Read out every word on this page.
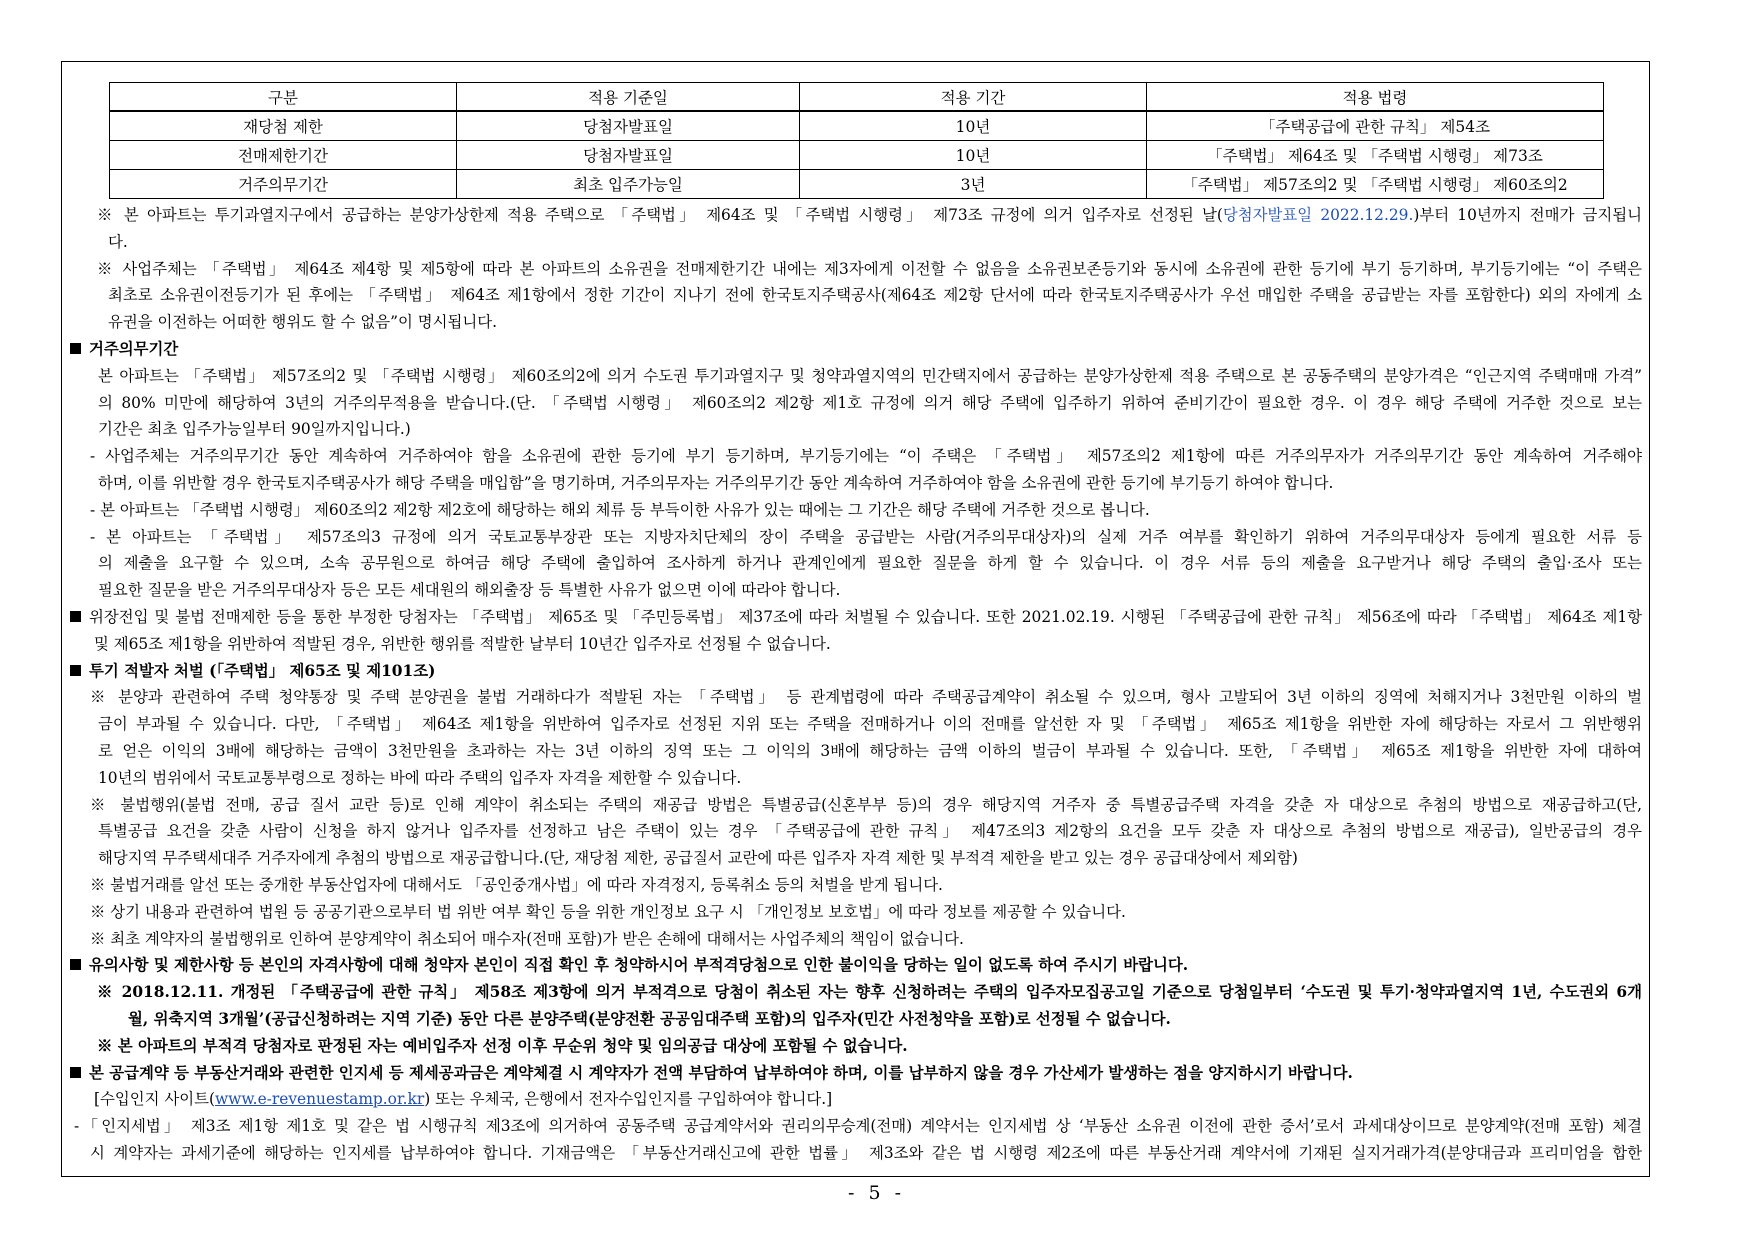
구분	적용 기준일	적용 기간	적용 법령
재당첨 제한	당첨자발표일	10년	「주택공급에 관한 규칙」 제54조
전매제한기간	당첨자발표일	10년	「주택법」 제64조 및 「주택법 시행령」 제73조
거주의무기간	최초 입주가능일	3년	「주택법」 제57조의2 및 「주택법 시행령」 제60조의2
※ 본 아파트는 투기과열지구에서 공급하는 분양가상한제 적용 주택으로 「주택법」 제64조 및 「주택법 시행령」 제73조 규정에 의거 입주자로 선정된 날(당첨자발표일 2022.12.29.)부터 10년까지 전매가 금지됩니
다.
※ 사업주체는 「주택법」 제64조 제4항 및 제5항에 따라 본 아파트의 소유권을 전매제한기간 내에는 제3자에게 이전할 수 없음을 소유권보존등기와 동시에 소유권에 관한 등기에 부기 등기하며, 부기등기에는 “이 주택은
최초로 소유권이전등기가 된 후에는 「주택법」 제64조 제1항에서 정한 기간이 지나기 전에 한국토지주택공사(제64조 제2항 단서에 따라 한국토지주택공사가 우선 매입한 주택을 공급받는 자를 포함한다) 외의 자에게 소
유권을 이전하는 어떠한 행위도 할 수 없음”이 명시됩니다.
거주의무기간
본 아파트는 「주택법」 제57조의2 및 「주택법 시행령」 제60조의2에 의거 수도권 투기과열지구 및 청약과열지역의 민간택지에서 공급하는 분양가상한제 적용 주택으로 본 공동주택의 분양가격은 “인근지역 주택매매 가격”
의 80% 미만에 해당하여 3년의 거주의무적용을 받습니다.(단. 「주택법 시행령」 제60조의2 제2항 제1호 규정에 의거 해당 주택에 입주하기 위하여 준비기간이 필요한 경우. 이 경우 해당 주택에 거주한 것으로 보는
기간은 최초 입주가능일부터 90일까지입니다.)
- 사업주체는 거주의무기간 동안 계속하여 거주하여야 함을 소유권에 관한 등기에 부기 등기하며, 부기등기에는 “이 주택은 「주택법」 제57조의2 제1항에 따른 거주의무자가 거주의무기간 동안 계속하여 거주해야
하며, 이를 위반할 경우 한국토지주택공사가 해당 주택을 매입함”을 명기하며, 거주의무자는 거주의무기간 동안 계속하여 거주하여야 함을 소유권에 관한 등기에 부기등기 하여야 합니다.
- 본 아파트는 「주택법 시행령」 제60조의2 제2항 제2호에 해당하는 해외 체류 등 부득이한 사유가 있는 때에는 그 기간은 해당 주택에 거주한 것으로 봅니다.
- 본 아파트는 「주택법」 제57조의3 규정에 의거 국토교통부장관 또는 지방자치단체의 장이 주택을 공급받는 사람(거주의무대상자)의 실제 거주 여부를 확인하기 위하여 거주의무대상자 등에게 필요한 서류 등
의 제출을 요구할 수 있으며, 소속 공무원으로 하여금 해당 주택에 출입하여 조사하게 하거나 관계인에게 필요한 질문을 하게 할 수 있습니다. 이 경우 서류 등의 제출을 요구받거나 해당 주택의 출입·조사 또는
필요한 질문을 받은 거주의무대상자 등은 모든 세대원의 해외출장 등 특별한 사유가 없으면 이에 따라야 합니다.
위장전입 및 불법 전매제한 등을 통한 부정한 당첨자는 「주택법」 제65조 및 「주민등록법」 제37조에 따라 처벌될 수 있습니다. 또한 2021.02.19. 시행된 「주택공급에 관한 규칙」 제56조에 따라 「주택법」 제64조 제1항
및 제65조 제1항을 위반하여 적발된 경우, 위반한 행위를 적발한 날부터 10년간 입주자로 선정될 수 없습니다.
투기 적발자 처벌 (「주택법」 제65조 및 제101조)
※ 분양과 관련하여 주택 청약통장 및 주택 분양권을 불법 거래하다가 적발된 자는 「주택법」 등 관계법령에 따라 주택공급계약이 취소될 수 있으며, 형사 고발되어 3년 이하의 징역에 처해지거나 3천만원 이하의 벌
금이 부과될 수 있습니다. 다만, 「주택법」 제64조 제1항을 위반하여 입주자로 선정된 지위 또는 주택을 전매하거나 이의 전매를 알선한 자 및 「주택법」 제65조 제1항을 위반한 자에 해당하는 자로서 그 위반행위
로 얻은 이익의 3배에 해당하는 금액이 3천만원을 초과하는 자는 3년 이하의 징역 또는 그 이익의 3배에 해당하는 금액 이하의 벌금이 부과될 수 있습니다. 또한, 「주택법」 제65조 제1항을 위반한 자에 대하여
10년의 범위에서 국토교통부령으로 정하는 바에 따라 주택의 입주자 자격을 제한할 수 있습니다.
※ 불법행위(불법 전매, 공급 질서 교란 등)로 인해 계약이 취소되는 주택의 재공급 방법은 특별공급(신혼부부 등)의 경우 해당지역 거주자 중 특별공급주택 자격을 갖춘 자 대상으로 추첨의 방법으로 재공급하고(단,
특별공급 요건을 갖춘 사람이 신청을 하지 않거나 입주자를 선정하고 남은 주택이 있는 경우 「주택공급에 관한 규칙」 제47조의3 제2항의 요건을 모두 갖춘 자 대상으로 추첨의 방법으로 재공급), 일반공급의 경우
해당지역 무주택세대주 거주자에게 추첨의 방법으로 재공급합니다.(단, 재당첨 제한, 공급질서 교란에 따른 입주자 자격 제한 및 부적격 제한을 받고 있는 경우 공급대상에서 제외함)
※ 불법거래를 알선 또는 중개한 부동산업자에 대해서도 「공인중개사법」에 따라 자격정지, 등록취소 등의 처벌을 받게 됩니다.
※ 상기 내용과 관련하여 법원 등 공공기관으로부터 법 위반 여부 확인 등을 위한 개인정보 요구 시 「개인정보 보호법」에 따라 정보를 제공할 수 있습니다.
※ 최초 계약자의 불법행위로 인하여 분양계약이 취소되어 매수자(전매 포함)가 받은 손해에 대해서는 사업주체의 책임이 없습니다.
유의사항 및 제한사항 등 본인의 자격사항에 대해 청약자 본인이 직접 확인 후 청약하시어 부적격당첨으로 인한 불이익을 당하는 일이 없도록 하여 주시기 바랍니다.
※ 2018.12.11. 개정된 「주택공급에 관한 규칙」 제58조 제3항에 의거 부적격으로 당첨이 취소된 자는 향후 신청하려는 주택의 입주자모집공고일 기준으로 당첨일부터 ‘수도권 및 투기·청약과열지역 1년, 수도권외 6개
월, 위축지역 3개월’(공급신청하려는 지역 기준) 동안 다른 분양주택(분양전환 공공임대주택 포함)의 입주자(민간 사전청약을 포함)로 선정될 수 없습니다.
※ 본 아파트의 부적격 당첨자로 판정된 자는 예비입주자 선정 이후 무순위 청약 및 임의공급 대상에 포함될 수 없습니다.
본 공급계약 등 부동산거래와 관련한 인지세 등 제세공과금은 계약체결 시 계약자가 전액 부담하여 납부하여야 하며, 이를 납부하지 않을 경우 가산세가 발생하는 점을 양지하시기 바랍니다.
[수입인지 사이트(www.e-revenuestamp.or.kr) 또는 우체국, 은행에서 전자수입인지를 구입하여야 합니다.]
-「인지세법」 제3조 제1항 제1호 및 같은 법 시행규칙 제3조에 의거하여 공동주택 공급계약서와 권리의무승계(전매) 계약서는 인지세법 상 ‘부동산 소유권 이전에 관한 증서’로서 과세대상이므로 분양계약(전매 포함) 체결
시 계약자는 과세기준에 해당하는 인지세를 납부하여야 합니다. 기재금액은 「부동산거래신고에 관한 법률」 제3조와 같은 법 시행령 제2조에 따른 부동산거래 계약서에 기재된 실지거래가격(분양대금과 프리미엄을 합한
- 5 -
